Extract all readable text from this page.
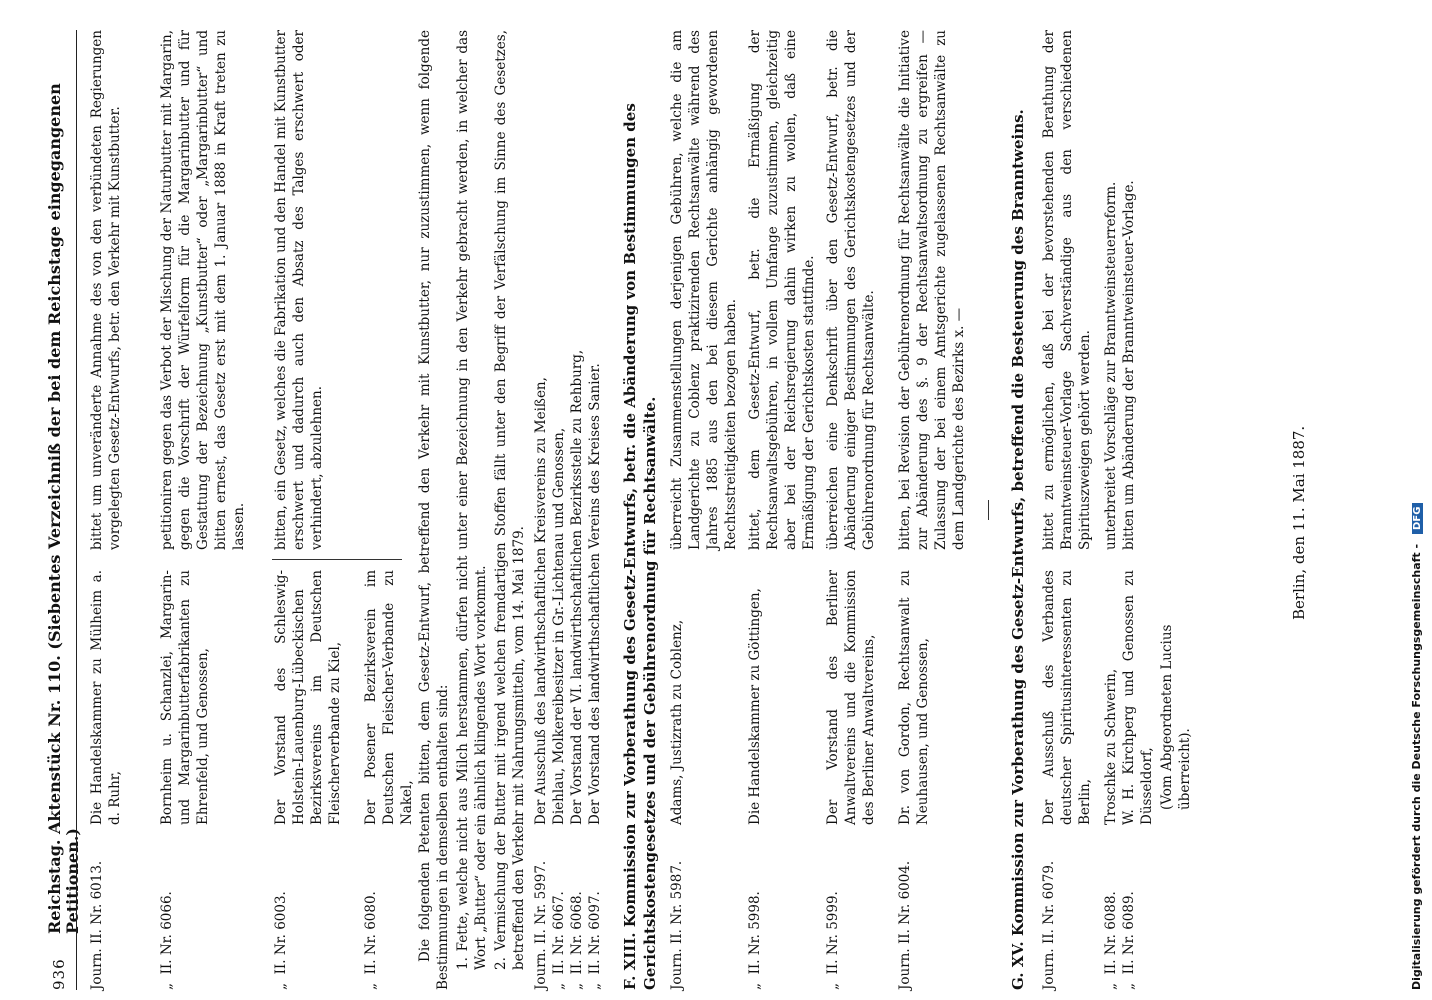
936
Reichstag. Aktenstück Nr. 110. (Siebentes Verzeichniß der bei dem Reichstage eingegangenen Petitionen.) Journ. II. Nr. 6013.
Die Handelskammer zu Mülheim a. d. Ruhr,
bittet um unveränderte Annahme des von den verbündeten Regierungen vorgelegten Gesetz-Entwurfs, betr. den Verkehr mit Kunstbutter.
„  II. Nr. 6066.
Bornheim u. Schanzlei, Margarin- und Margarinbutterfabrikanten zu Ehrenfeld, und Genossen,
petitioniren gegen das Verbot der Mischung der Naturbutter mit Margarin, gegen die Vorschrift der Würfelform für die Margarinbutter und für Gestattung der Bezeichnung „Kunstbutter“ oder „Margarinbutter“ und bitten ernest, das Gesetz erst mit dem 1. Januar 1888 in Kraft treten zu lassen.
„  II. Nr. 6003.
Der Vorstand des Schleswig-Holstein-Lauenburg-Lübeckischen Bezirksvereins im Deutschen Fleischerverbande zu Kiel,
bitten, ein Gesetz, welches die Fabrikation und den Handel mit Kunstbutter erschwert und dadurch auch den Absatz des Talges erschwert oder verhindert, abzulehnen.
„  II. Nr. 6080.
Der Posener Bezirksverein im Deutschen Fleischer-Verbande zu Nakel, Die folgenden Petenten bitten, dem Gesetz-Entwurf, betreffend den Verkehr mit Kunstbutter, nur zuzustimmen, wenn folgende Bestimmungen in demselben enthalten sind: 1. Fette, welche nicht aus Milch herstammen, dürfen nicht unter einer Bezeichnung in den Verkehr gebracht werden, in welcher das Wort „Butter“ oder ein ähnlich klingendes Wort vorkommt. 2. Vermischung der Butter mit irgend welchen fremdartigen Stoffen fällt unter den Begriff der Verfälschung im Sinne des Gesetzes, betreffend den Verkehr mit Nahrungsmitteln, vom 14. Mai 1879. Journ. II. Nr. 5997.
Der Ausschuß des landwirthschaftlichen Kreisvereins zu Meißen,
„  II. Nr. 6067.
Diehlau, Molkereibesitzer in Gr.-Lichtenau und Genossen,
„  II. Nr. 6068.
Der Vorstand der VI. landwirthschaftlichen Bezirksstelle zu Rehburg,
„  II. Nr. 6097.
Der Vorstand des landwirthschaftlichen Vereins des Kreises Sanier. F. XIII. Kommission zur Vorberathung des Gesetz-Entwurfs, betr. die Abänderung von Bestimmungen des Gerichtskostengesetzes und der Gebührenordnung für Rechtsanwälte. Journ. II. Nr. 5987.
Adams, Justizrath zu Coblenz,
überreicht Zusammenstellungen derjenigen Gebühren, welche die am Landgerichte zu Coblenz praktizirenden Rechtsanwälte während des Jahres 1885 aus den bei diesem Gerichte anhängig gewordenen Rechtsstreitigkeiten bezogen haben.
„  II. Nr. 5998.
Die Handelskammer zu Göttingen,
bittet, dem Gesetz-Entwurf, betr. die Ermäßigung der Rechtsanwaltsgebühren, in vollem Umfange zuzustimmen, gleichzeitig aber bei der Reichsregierung dahin wirken zu wollen, daß eine Ermäßigung der Gerichtskosten stattfinde.
„  II. Nr. 5999.
Der Vorstand des Berliner Anwaltvereins und die Kommission des Berliner Anwaltvereins,
überreichen eine Denkschrift über den Gesetz-Entwurf, betr. die Abänderung einiger Bestimmungen des Gerichtskostengesetzes und der Gebührenordnung für Rechtsanwälte.
Journ. II. Nr. 6004.
Dr. von Gordon, Rechtsanwalt zu Neuhausen, und Genossen,
bitten, bei Revision der Gebührenordnung für Rechtsanwälte die Initiative zur Abänderung des §. 9 der Rechtsanwaltsordnung zu ergreifen — Zulassung der bei einem Amtsgerichte zugelassenen Rechtsanwälte zu dem Landgerichte des Bezirks x. —	G. XV. Kommission zur Vorberathung des Gesetz-Entwurfs, betreffend die Besteuerung des Branntweins. Journ. II. Nr. 6079.
Der Ausschuß des Verbandes deutscher Spiritusinteressenten zu Berlin,
bittet zu ermöglichen, daß bei der bevorstehenden Berathung der Branntweinsteuer-Vorlage Sachverständige aus den verschiedenen Spirituszweigen gehört werden.
„  II. Nr. 6088.
Troschke zu Schwerin,
unterbreitet Vorschläge zur Branntweinsteuerreform.
„  II. Nr. 6089.
W. H. Kirchperg und Genossen zu Düsseldorf,
bitten um Abänderung der Branntweinsteuer-Vorlage.
(Vom Abgeordneten Lucius überreicht).
Berlin, den 11. Mai 1887.
Digitalisierung gefördert durch die Deutsche Forschungsgemeinschaft -DFG
